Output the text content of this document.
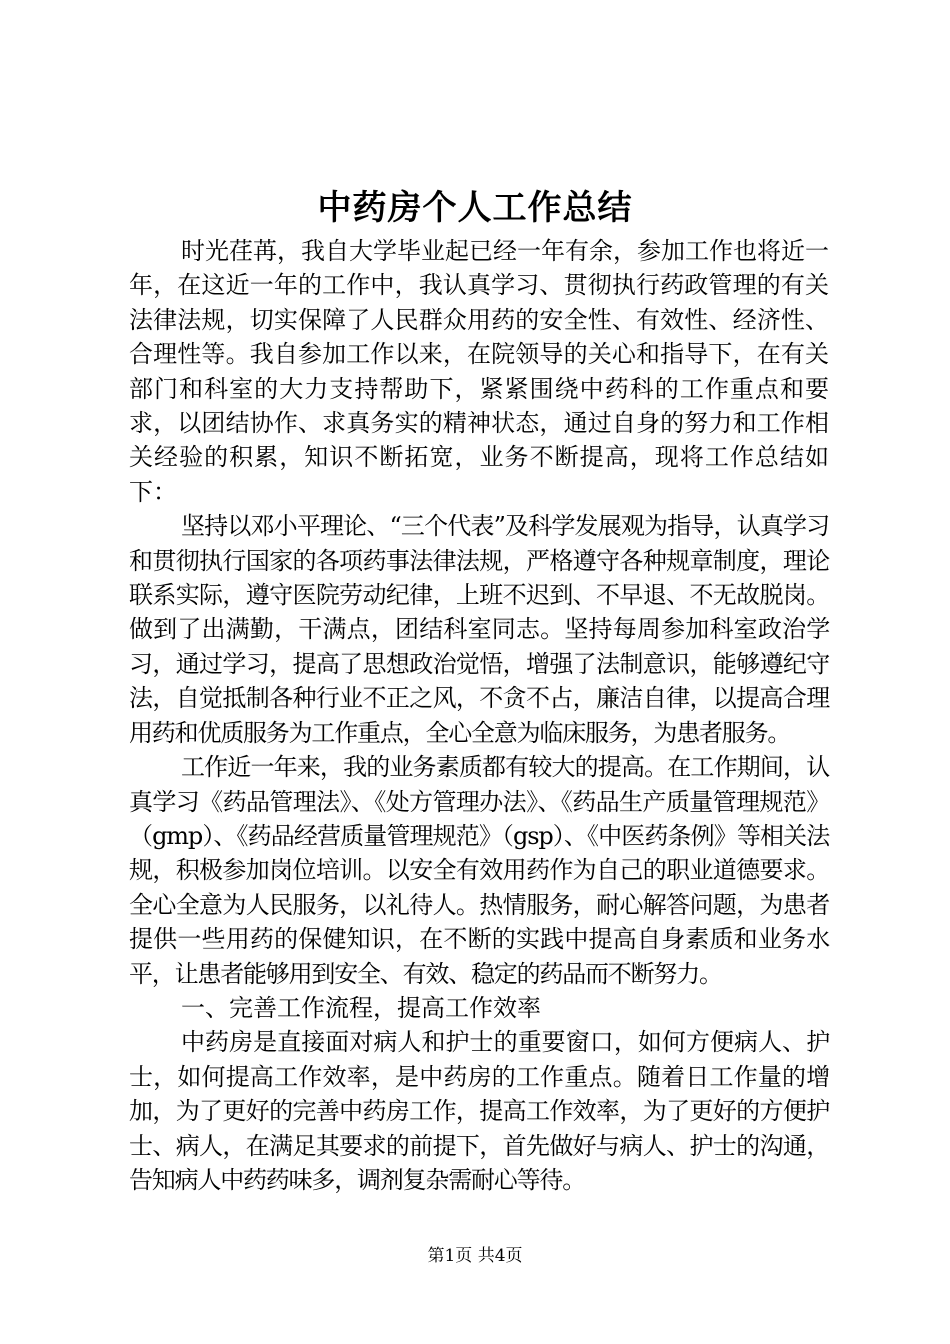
中药房个人工作总结

时光荏苒，我自大学毕业起已经一年有余，参加工作也将近一年，在这近一年的工作中，我认真学习、贯彻执行药政管理的有关法律法规，切实保障了人民群众用药的安全性、有效性、经济性、合理性等。我自参加工作以来，在院领导的关心和指导下，在有关部门和科室的大力支持帮助下，紧紧围绕中药科的工作重点和要求，以团结协作、求真务实的精神状态，通过自身的努力和工作相关经验的积累，知识不断拓宽，业务不断提高，现将工作总结如下：

坚持以邓小平理论、“三个代表”及科学发展观为指导，认真学习和贯彻执行国家的各项药事法律法规，严格遵守各种规章制度，理论联系实际，遵守医院劳动纪律，上班不迟到、不早退、不无故脱岗。做到了出满勤，干满点，团结科室同志。坚持每周参加科室政治学习，通过学习，提高了思想政治觉悟，增强了法制意识，能够遵纪守法，自觉抵制各种行业不正之风，不贪不占，廉洁自律，以提高合理用药和优质服务为工作重点，全心全意为临床服务，为患者服务。

工作近一年来，我的业务素质都有较大的提高。在工作期间，认真学习《药品管理法》、《处方管理办法》、《药品生产质量管理规范》（gmp）、《药品经营质量管理规范》（gsp）、《中医药条例》等相关法规，积极参加岗位培训。以安全有效用药作为自己的职业道德要求。全心全意为人民服务，以礼待人。热情服务，耐心解答问题，为患者提供一些用药的保健知识，在不断的实践中提高自身素质和业务水平，让患者能够用到安全、有效、稳定的药品而不断努力。

一、完善工作流程，提高工作效率

中药房是直接面对病人和护士的重要窗口，如何方便病人、护士，如何提高工作效率，是中药房的工作重点。随着日工作量的增加，为了更好的完善中药房工作，提高工作效率，为了更好的方便护士、病人，在满足其要求的前提下，首先做好与病人、护士的沟通，告知病人中药药味多，调剂复杂需耐心等待。

第1页 共4页
